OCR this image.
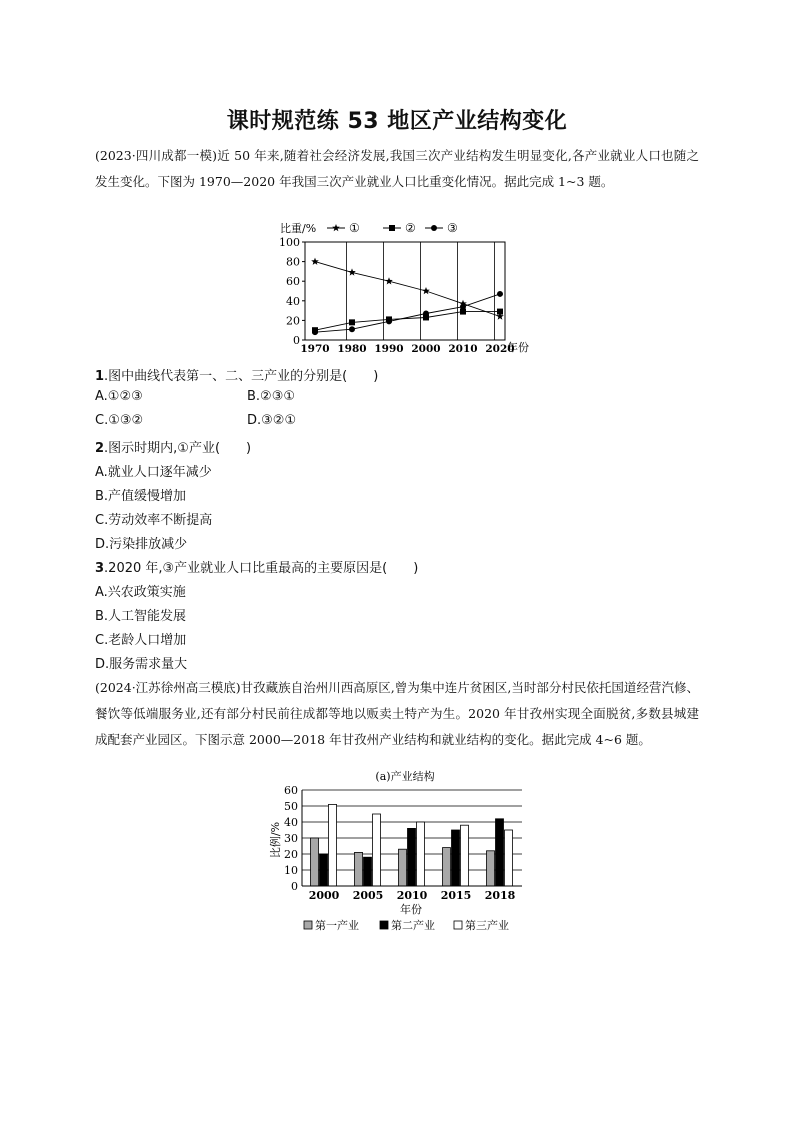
课时规范练 53 地区产业结构变化
(2023·四川成都一模)近 50 年来,随着社会经济发展,我国三次产业结构发生明显变化,各产业就业人口也随之发生变化。下图为 1970—2020 年我国三次产业就业人口比重变化情况。据此完成 1~3 题。
100
80
60
40
20
0
1970 1980 1990 2000 2010 2020
①	②	③
比重/%
年份
1.图中曲线代表第一、二、三产业的分别是(　　)
A.①②③	B.②③①
C.①③②	D.③②①
2.图示时期内,①产业(　　)
A.就业人口逐年减少
B.产值缓慢增加
C.劳动效率不断提高
D.污染排放减少
3.2020 年,③产业就业人口比重最高的主要原因是(　　)
A.兴农政策实施
B.人工智能发展
C.老龄人口增加
D.服务需求量大
(2024·江苏徐州高三模底)甘孜藏族自治州川西高原区,曾为集中连片贫困区,当时部分村民依托国道经营汽修、餐饮等低端服务业,还有部分村民前往成都等地以贩卖土特产为生。2020 年甘孜州实现全面脱贫,多数县城建成配套产业园区。下图示意 2000—2018 年甘孜州产业结构和就业结构的变化。据此完成 4~6 题。
(a)产业结构
60
50
40
30
20
10
0
2000 2005 2010 2015 2018
比例/%
年份
第一产业	第二产业	第三产业
